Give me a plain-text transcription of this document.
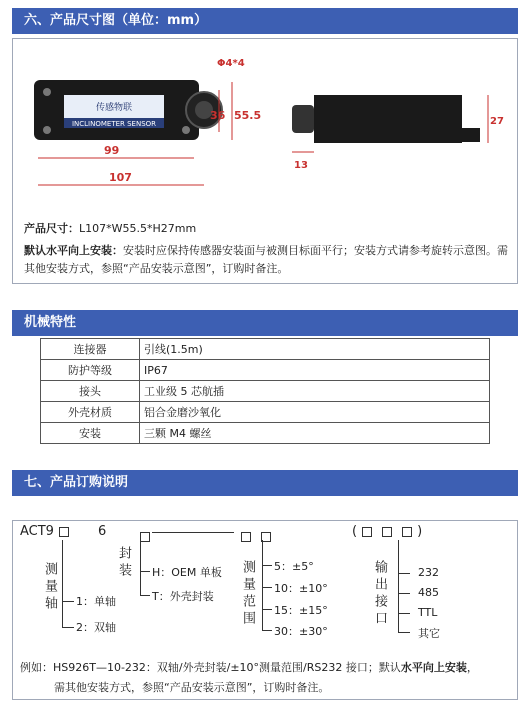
六、产品尺寸图（单位：mm）
传感物联
INCLINOMETER SENSOR
99
107
36 55.5
Φ4*4
27
13
产品尺寸：L107*W55.5*H27mm
默认水平向上安装：安装时应保持传感器安装面与被测目标面平行；安装方式请参考旋转示意图。需
其他安装方式，参照“产品安装示意图”，订购时备注。
机械特性
连接器	引线(1.5m)
防护等级	IP67
接头	工业级 5 芯航插
外壳材质	铝合金磨沙氧化
安装	三颗 M4 螺丝
七、产品订购说明
ACT9	6	(	)
测量轴 1：单轴
2：双轴
封装 H：OEM 单板
T：外壳封装 测量范围 5：±5°
10：±10°
15：±15°
30：±30°
输出接口	232
485
TTL
其它
例如：HS926T—10-232：双轴/外壳封装/±10°测量范围/RS232 接口；默认水平向上安装，
需其他安装方式，参照“产品安装示意图”，订购时备注。
